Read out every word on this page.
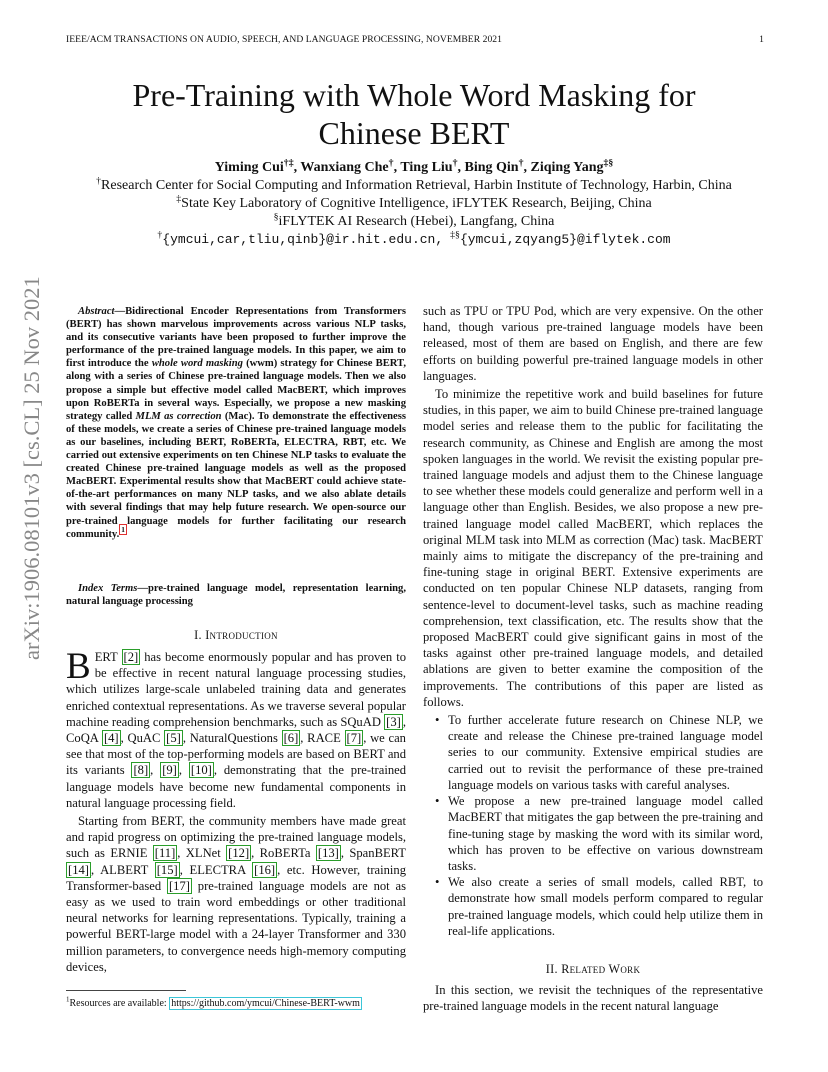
IEEE/ACM TRANSACTIONS ON AUDIO, SPEECH, AND LANGUAGE PROCESSING, NOVEMBER 2021	1
Pre-Training with Whole Word Masking for
Chinese BERT
Yiming Cui†‡, Wanxiang Che†, Ting Liu†, Bing Qin†, Ziqing Yang‡§
†Research Center for Social Computing and Information Retrieval, Harbin Institute of Technology, Harbin, China
‡State Key Laboratory of Cognitive Intelligence, iFLYTEK Research, Beijing, China
§iFLYTEK AI Research (Hebei), Langfang, China
†{ymcui,car,tliu,qinb}@ir.hit.edu.cn, ‡§{ymcui,zqyang5}@iflytek.com
arXiv:1906.08101v3 [cs.CL] 25 Nov 2021	Abstract—Bidirectional Encoder Representations from Transformers (BERT) has shown marvelous improvements across various NLP tasks, and its consecutive variants have been proposed to further improve the performance of the pre-trained language models. In this paper, we aim to first introduce the whole word masking (wwm) strategy for Chinese BERT, along with a series of Chinese pre-trained language models. Then we also propose a simple but effective model called MacBERT, which improves upon RoBERTa in several ways. Especially, we propose a new masking strategy called MLM as correction (Mac). To demonstrate the effectiveness of these models, we create a series of Chinese pre-trained language models as our baselines, including BERT, RoBERTa, ELECTRA, RBT, etc. We carried out extensive experiments on ten Chinese NLP tasks to evaluate the created Chinese pre-trained language models as well as the proposed MacBERT. Experimental results show that MacBERT could achieve state-of-the-art performances on many NLP tasks, and we also ablate details with several findings that may help future research. We open-source our pre-trained language models for further facilitating our research community. $^1$

Index Terms—pre-trained language model, representation learning, natural language processing

I. Introduction

BERT [2] has become enormously popular and has proven to be effective in recent natural language processing studies, which utilizes large-scale unlabeled training data and generates enriched contextual representations. As we traverse several popular machine reading comprehension benchmarks, such as SQuAD [3] , CoQA [4] , QuAC [5] , NaturalQuestions [6] , RACE [7] , we can see that most of the top-performing models are based on BERT and its variants [8] , [9] , [10] , demonstrating that the pre-trained language models have become new fundamental components in natural language processing field.

Starting from BERT, the community members have made great and rapid progress on optimizing the pre-trained language models, such as ERNIE [11] , XLNet [12] , RoBERTa [13] , SpanBERT [14] , ALBERT [15] , ELECTRA [16] , etc. However, training Transformer-based [17] pre-trained language models are not as easy as we used to train word embeddings or other traditional neural networks for learning representations. Typically, training a powerful BERT-large model with a 24-layer Transformer and 330 million parameters, to convergence needs high-memory computing devices,

$^1$Resources are available: https://github.com/ymcui/Chinese-BERT-wwm

such as TPU or TPU Pod, which are very expensive. On the other hand, though various pre-trained language models have been released, most of them are based on English, and there are few efforts on building powerful pre-trained language models in other languages.

To minimize the repetitive work and build baselines for future studies, in this paper, we aim to build Chinese pre-trained language model series and release them to the public for facilitating the research community, as Chinese and English are among the most spoken languages in the world. We revisit the existing popular pre-trained language models and adjust them to the Chinese language to see whether these models could generalize and perform well in a language other than English. Besides, we also propose a new pre-trained language model called MacBERT, which replaces the original MLM task into MLM as correction (Mac) task. MacBERT mainly aims to mitigate the discrepancy of the pre-training and fine-tuning stage in original BERT. Extensive experiments are conducted on ten popular Chinese NLP datasets, ranging from sentence-level to document-level tasks, such as machine reading comprehension, text classification, etc. The results show that the proposed MacBERT could give significant gains in most of the tasks against other pre-trained language models, and detailed ablations are given to better examine the composition of the improvements. The contributions of this paper are listed as follows.

• To further accelerate future research on Chinese NLP, we create and release the Chinese pre-trained language model series to our community. Extensive empirical studies are carried out to revisit the performance of these pre-trained language models on various tasks with careful analyses.
• We propose a new pre-trained language model called MacBERT that mitigates the gap between the pre-training and fine-tuning stage by masking the word with its similar word, which has proven to be effective on various downstream tasks.
• We also create a series of small models, called RBT, to demonstrate how small models perform compared to regular pre-trained language models, which could help utilize them in real-life applications.
II. Related Work

In this section, we revisit the techniques of the representative pre-trained language models in the recent natural language
